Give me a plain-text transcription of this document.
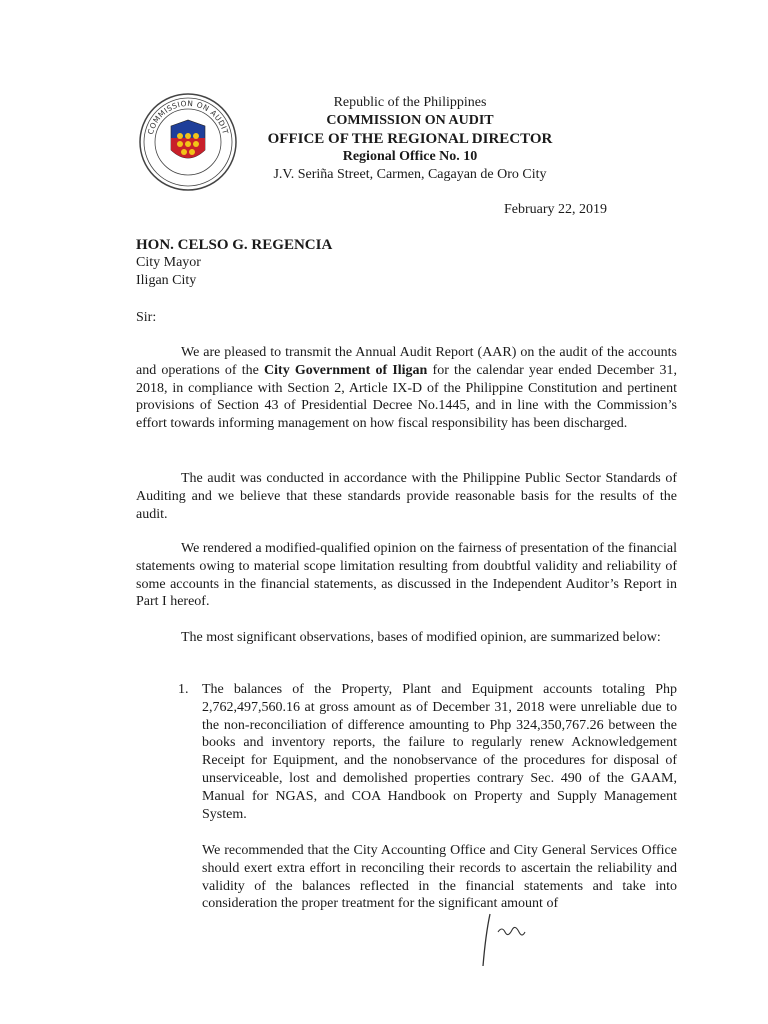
COMMISSION ON AUDIT
Republic of the Philippines
COMMISSION ON AUDIT
OFFICE OF THE REGIONAL DIRECTOR
Regional Office No. 10
J.V. Seriña Street, Carmen, Cagayan de Oro City
February 22, 2019
HON. CELSO G. REGENCIA
City Mayor
Iligan City
Sir:
We are pleased to transmit the Annual Audit Report (AAR) on the audit of the accounts and operations of the City Government of Iligan for the calendar year ended December 31, 2018, in compliance with Section 2, Article IX-D of the Philippine Constitution and pertinent provisions of Section 43 of Presidential Decree No.1445, and in line with the Commission’s effort towards informing management on how fiscal responsibility has been discharged.
The audit was conducted in accordance with the Philippine Public Sector Standards of Auditing and we believe that these standards provide reasonable basis for the results of the audit.
We rendered a modified-qualified opinion on the fairness of presentation of the financial statements owing to material scope limitation resulting from doubtful validity and reliability of some accounts in the financial statements, as discussed in the Independent Auditor’s Report in Part I hereof.
The most significant observations, bases of modified opinion, are summarized below:
1. The balances of the Property, Plant and Equipment accounts totaling Php 2,762,497,560.16 at gross amount as of December 31, 2018 were unreliable due to the non-reconciliation of difference amounting to Php 324,350,767.26 between the books and inventory reports, the failure to regularly renew Acknowledgement Receipt for Equipment, and the nonobservance of the procedures for disposal of unserviceable, lost and demolished properties contrary Sec. 490 of the GAAM, Manual for NGAS, and COA Handbook on Property and Supply Management System.
We recommended that the City Accounting Office and City General Services Office should exert extra effort in reconciling their records to ascertain the reliability and validity of the balances reflected in the financial statements and take into consideration the proper treatment for the significant amount of
